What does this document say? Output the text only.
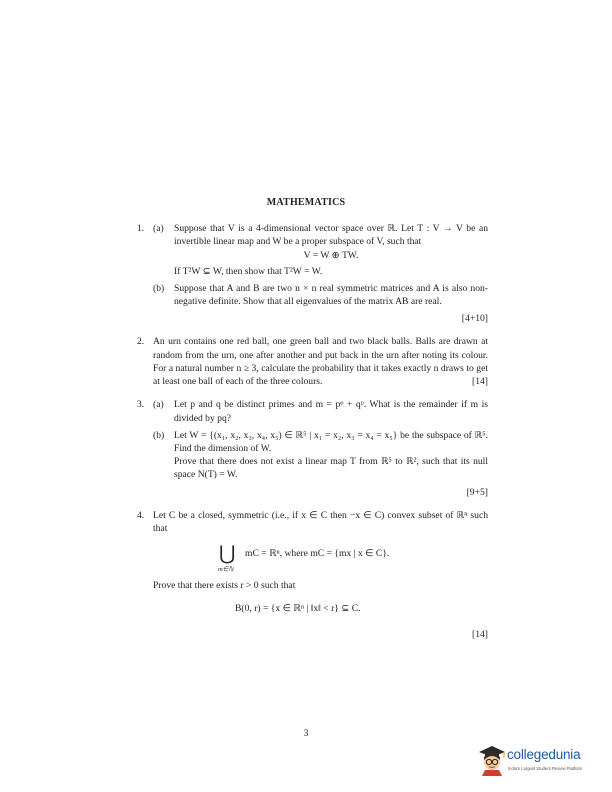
MATHEMATICS
1. (a) Suppose that V is a 4-dimensional vector space over ℝ. Let T : V → V be an invertible linear map and W be a proper subspace of V, such that
V = W ⊕ TW.
If T²W ⊆ W, then show that T²W = W.
(b) Suppose that A and B are two n × n real symmetric matrices and A is also non-negative definite. Show that all eigenvalues of the matrix AB are real.
[4+10]
2. An urn contains one red ball, one green ball and two black balls. Balls are drawn at random from the urn, one after another and put back in the urn after noting its colour. For a natural number n ≥ 3, calculate the probability that it takes exactly n draws to get at least one ball of each of the three colours.	[14]
3. (a) Let p and q be distinct primes and m = pᵠ + qᵖ. What is the remainder if m is divided by pq?
(b) Let W = {(x₁, x₂, x₃, x₄, x₅) ∈ ℝ⁵ | x₁ = x₂, x₃ = x₄ = x₅} be the subspace of ℝ⁵. Find the dimension of W.
Prove that there does not exist a linear map T from ℝ⁵ to ℝ², such that its null space N(T) = W.
[9+5]
4. Let C be a closed, symmetric (i.e., if x ∈ C then −x ∈ C) convex subset of ℝⁿ such that
⋃
m∈ℕ
mC = ℝⁿ, where mC = {mx | x ∈ C}.
Prove that there exists r > 0 such that
B(0, r) = {x ∈ ℝⁿ | ‖x‖ < r} ⊆ C.
[14]
3
collegedunia
India's Largest Student Review Platform
